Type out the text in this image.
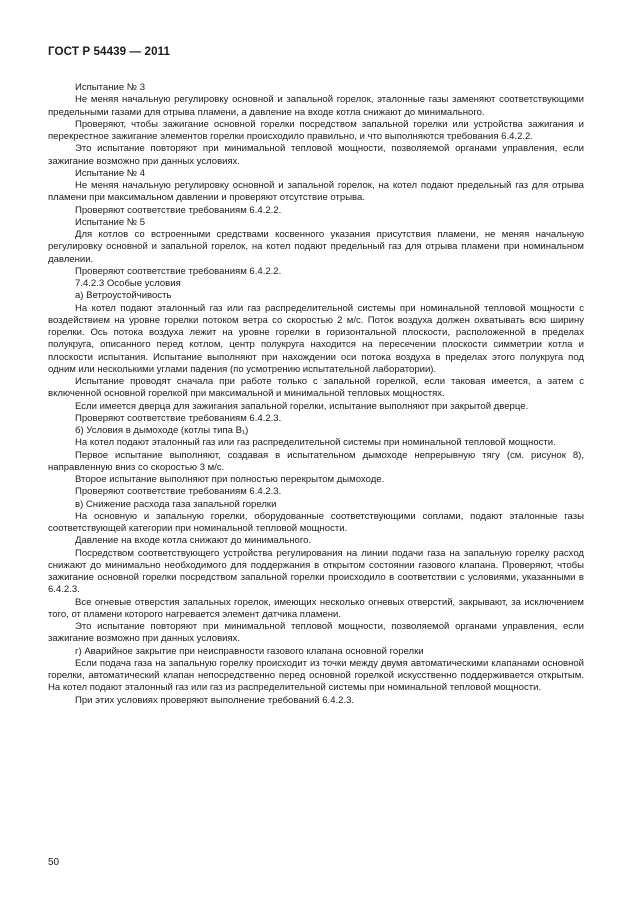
ГОСТ Р 54439 — 2011

Испытание № 3

Не меняя начальную регулировку основной и запальной горелок, эталонные газы заменяют соответствующими предельными газами для отрыва пламени, а давление на входе котла снижают до минимального.

Проверяют, чтобы зажигание основной горелки посредством запальной горелки или устройства зажигания и перекрестное зажигание элементов горелки происходило правильно, и что выполняются требования 6.4.2.2.

Это испытание повторяют при минимальной тепловой мощности, позволяемой органами управления, если зажигание возможно при данных условиях.

Испытание № 4

Не меняя начальную регулировку основной и запальной горелок, на котел подают предельный газ для отрыва пламени при максимальном давлении и проверяют отсутствие отрыва.

Проверяют соответствие требованиям 6.4.2.2.

Испытание № 5

Для котлов со встроенными средствами косвенного указания присутствия пламени, не меняя начальную регулировку основной и запальной горелок, на котел подают предельный газ для отрыва пламени при номинальном давлении.

Проверяют соответствие требованиям 6.4.2.2.

7.4.2.3 Особые условия

а) Ветроустойчивость

На котел подают эталонный газ или газ распределительной системы при номинальной тепловой мощности с воздействием на уровне горелки потоком ветра со скоростью 2 м/с. Поток воздуха должен охватывать всю ширину горелки. Ось потока воздуха лежит на уровне горелки в горизонтальной плоскости, расположенной в пределах полукруга, описанного перед котлом, центр полукруга находится на пересечении плоскости симметрии котла и плоскости испытания. Испытание выполняют при нахождении оси потока воздуха в пределах этого полукруга под одним или несколькими углами падения (по усмотрению испытательной лаборатории).

Испытание проводят сначала при работе только с запальной горелкой, если таковая имеется, а затем с включенной основной горелкой при максимальной и минимальной тепловых мощностях.

Если имеется дверца для зажигания запальной горелки, испытание выполняют при закрытой дверце.

Проверяют соответствие требованиям 6.4.2.3.

б) Условия в дымоходе (котлы типа В₁)

На котел подают эталонный газ или газ распределительной системы при номинальной тепловой мощности.

Первое испытание выполняют, создавая в испытательном дымоходе непрерывную тягу (см. рисунок 8), направленную вниз со скоростью 3 м/с.

Второе испытание выполняют при полностью перекрытом дымоходе.

Проверяют соответствие требованиям 6.4.2.3.

в) Снижение расхода газа запальной горелки

На основную и запальную горелки, оборудованные соответствующими соплами, подают эталонные газы соответствующей категории при номинальной тепловой мощности.

Давление на входе котла снижают до минимального.

Посредством соответствующего устройства регулирования на линии подачи газа на запальную горелку расход снижают до минимально необходимого для поддержания в открытом состоянии газового клапана. Проверяют, чтобы зажигание основной горелки посредством запальной горелки происходило в соответствии с условиями, указанными в 6.4.2.3.

Все огневые отверстия запальных горелок, имеющих несколько огневых отверстий, закрывают, за исключением того, от пламени которого нагревается элемент датчика пламени.

Это испытание повторяют при минимальной тепловой мощности, позволяемой органами управления, если зажигание возможно при данных условиях.

г) Аварийное закрытие при неисправности газового клапана основной горелки

Если подача газа на запальную горелку происходит из точки между двумя автоматическими клапанами основной горелки, автоматический клапан непосредственно перед основной горелкой искусственно поддерживается открытым. На котел подают эталонный газ или газ из распределительной системы при номинальной тепловой мощности.

При этих условиях проверяют выполнение требований 6.4.2.3.

50
